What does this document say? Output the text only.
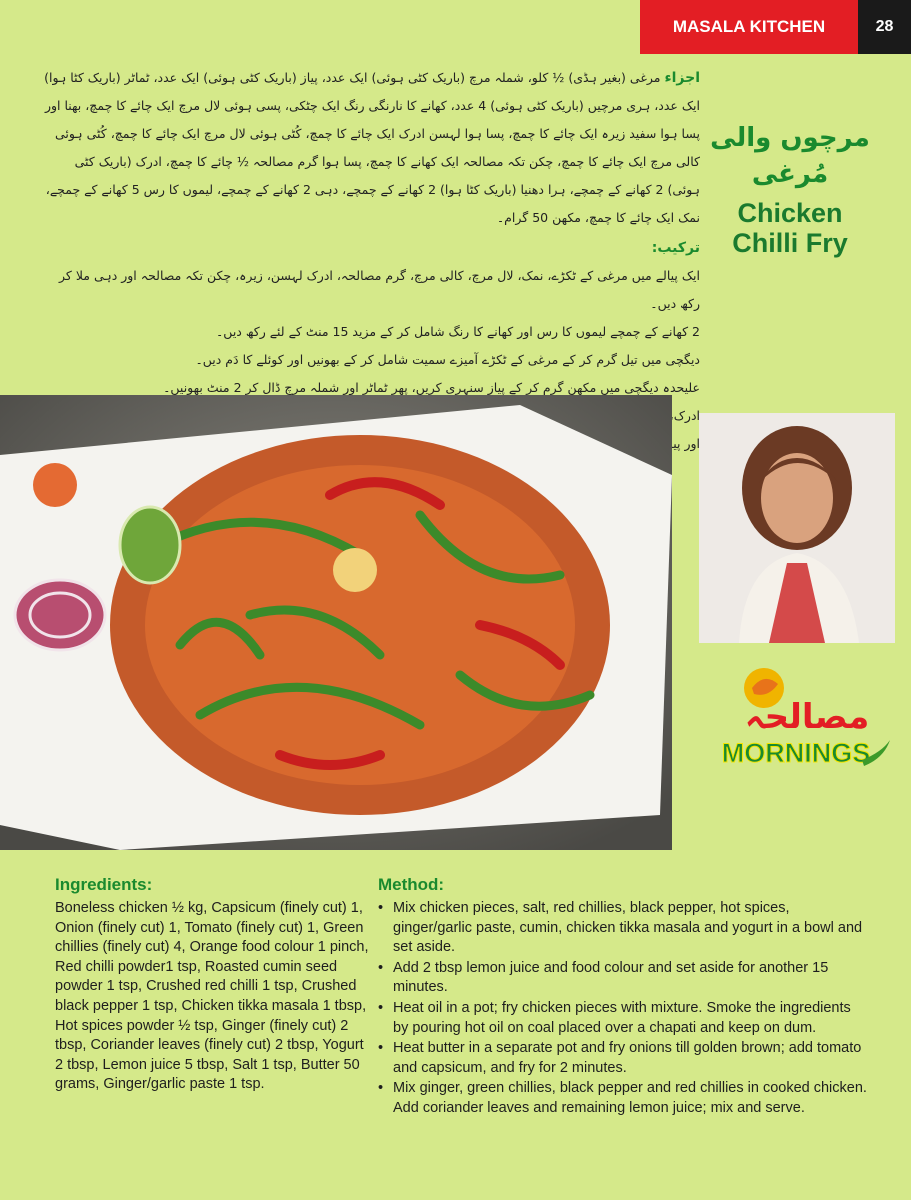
MASALA KITCHEN	28
اجزاء مرغی (بغیر ہڈی) ½ کلو، شملہ مرچ (باریک کٹی ہوئی) ایک عدد، پیاز (باریک کٹی ہوئی) ایک عدد، ٹماٹر (باریک کٹا ہوا) ایک عدد، ہری مرچیں (باریک کٹی ہوئی) 4 عدد، کھانے کا نارنگی رنگ ایک چٹکی، پسی ہوئی لال مرچ ایک چائے کا چمچ، بھنا اور پسا ہوا سفید زیرہ ایک چائے کا چمچ، پسا ہوا لہسن ادرک ایک چائے کا چمچ، کُٹی ہوئی لال مرچ ایک چائے کا چمچ، کُٹی ہوئی کالی مرچ ایک چائے کا چمچ، چکن تکہ مصالحہ ایک کھانے کا چمچ، پسا ہوا گرم مصالحہ ½ چائے کا چمچ، ادرک (باریک کٹی ہوئی) 2 کھانے کے چمچے، ہرا دھنیا (باریک کٹا ہوا) 2 کھانے کے چمچے، دہی 2 کھانے کے چمچے، لیموں کا رس 5 کھانے کے چمچے، نمک ایک چائے کا چمچ، مکھن 50 گرام۔
ترکیب:
ایک پیالے میں مرغی کے ٹکڑے، نمک، لال مرچ، کالی مرچ، گرم مصالحہ، ادرک لہسن، زیرہ، چکن تکہ مصالحہ اور دہی ملا کر رکھ دیں۔
2 کھانے کے چمچے لیموں کا رس اور کھانے کا رنگ شامل کر کے مزید 15 منٹ کے لئے رکھ دیں۔
دیگچی میں تیل گرم کر کے مرغی کے ٹکڑے آمیزے سمیت شامل کر کے بھونیں اور کوئلے کا دَم دیں۔
علیحدہ دیگچی میں مکھن گرم کر کے پیاز سنہری کریں، پھر ٹماٹر اور شملہ مرچ ڈال کر 2 منٹ بھونیں۔
ادرک، اور
مرچوں والی مُرغی
Chicken
Chilli Fry
مصالحہ
MORNINGS
Ingredients:
Boneless chicken ½ kg, Capsicum (finely cut) 1, Onion (finely cut) 1, Tomato (finely cut) 1, Green chillies (finely cut) 4, Orange food colour 1 pinch, Red chilli powder1 tsp, Roasted cumin seed powder 1 tsp, Crushed red chilli 1 tsp, Crushed black pepper 1 tsp, Chicken tikka masala 1 tbsp, Hot spices powder ½ tsp, Ginger (finely cut) 2 tbsp, Coriander leaves (finely cut) 2 tbsp, Yogurt 2 tbsp, Lemon juice 5 tbsp, Salt 1 tsp, Butter 50 grams, Ginger/garlic paste 1 tsp.
Method:
• Mix chicken pieces, salt, red chillies, black pepper, hot spices, ginger/garlic paste, cumin, chicken tikka masala and yogurt in a bowl and set aside.
• Add 2 tbsp lemon juice and food colour and set aside for another 15 minutes.
• Heat oil in a pot; fry chicken pieces with mixture. Smoke the ingredients by pouring hot oil on coal placed over a chapati and keep on dum.
• Heat butter in a separate pot and fry onions till golden brown; add tomato and capsicum, and fry for 2 minutes.
• Mix ginger, green chillies, black pepper and red chillies in cooked chicken. Add coriander leaves and remaining lemon juice; mix and serve.
